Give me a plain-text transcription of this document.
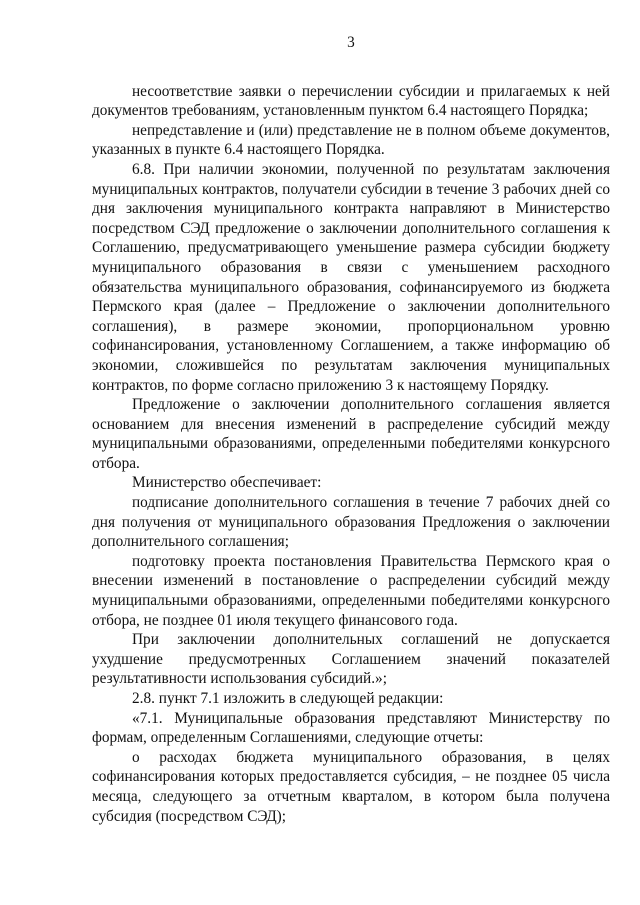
3

несоответствие заявки о перечислении субсидии и прилагаемых к ней документов требованиям, установленным пунктом 6.4 настоящего Порядка;

непредставление и (или) представление не в полном объеме документов, указанных в пункте 6.4 настоящего Порядка.

6.8. При наличии экономии, полученной по результатам заключения муниципальных контрактов, получатели субсидии в течение 3 рабочих дней со дня заключения муниципального контракта направляют в Министерство посредством СЭД предложение о заключении дополнительного соглашения к Соглашению, предусматривающего уменьшение размера субсидии бюджету муниципального образования в связи с уменьшением расходного обязательства муниципального образования, софинансируемого из бюджета Пермского края (далее – Предложение о заключении дополнительного соглашения), в размере экономии, пропорциональном уровню софинансирования, установленному Соглашением, а также информацию об экономии, сложившейся по результатам заключения муниципальных контрактов, по форме согласно приложению 3 к настоящему Порядку.

Предложение о заключении дополнительного соглашения является основанием для внесения изменений в распределение субсидий между муниципальными образованиями, определенными победителями конкурсного отбора.

Министерство обеспечивает:

подписание дополнительного соглашения в течение 7 рабочих дней со дня получения от муниципального образования Предложения о заключении дополнительного соглашения;

подготовку проекта постановления Правительства Пермского края о внесении изменений в постановление о распределении субсидий между муниципальными образованиями, определенными победителями конкурсного отбора, не позднее 01 июля текущего финансового года.

При заключении дополнительных соглашений не допускается ухудшение предусмотренных Соглашением значений показателей результативности использования субсидий.»;

2.8. пункт 7.1 изложить в следующей редакции:

«7.1. Муниципальные образования представляют Министерству по формам, определенным Соглашениями, следующие отчеты:

о расходах бюджета муниципального образования, в целях софинансирования которых предоставляется субсидия, – не позднее 05 числа месяца, следующего за отчетным кварталом, в котором была получена субсидия (посредством СЭД);
